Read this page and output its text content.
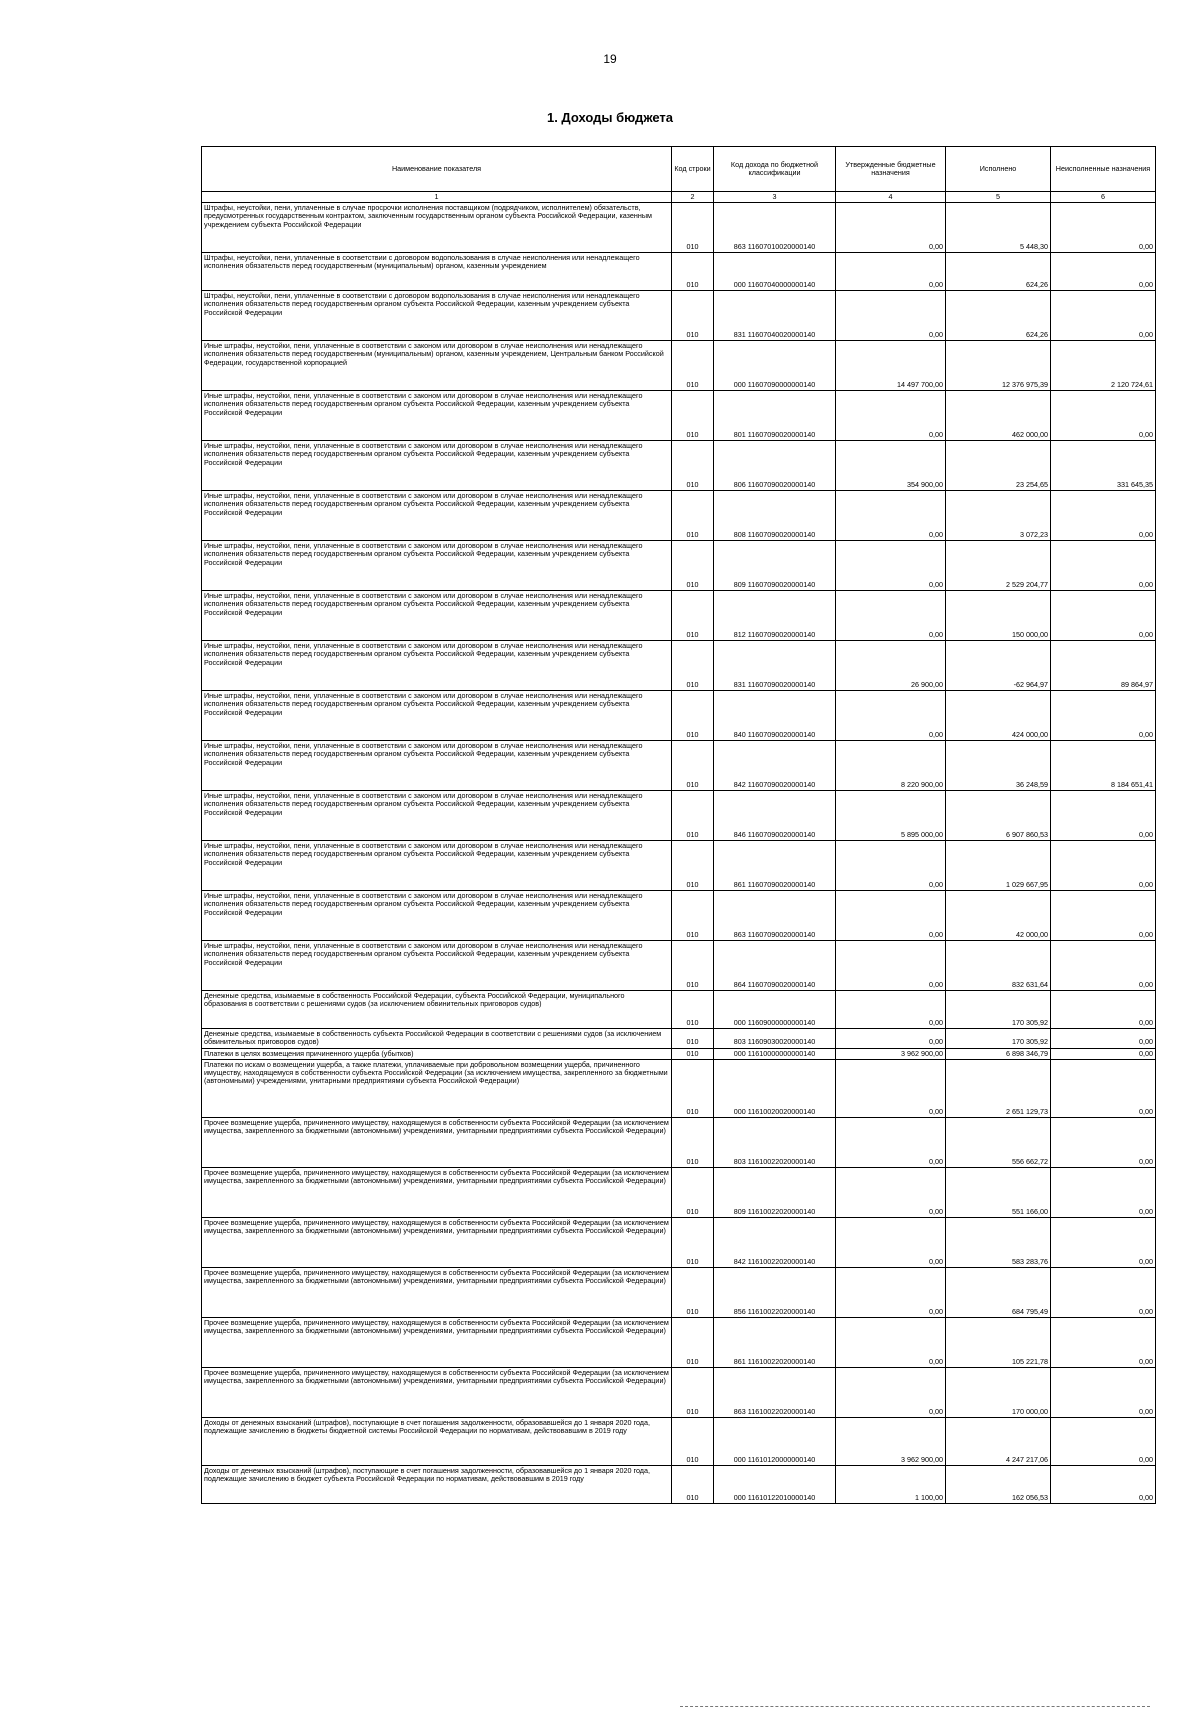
19
1. Доходы бюджета
Наименование показателя	Код строки	Код дохода по бюджетной классификации	Утвержденные бюджетные назначения	Исполнено	Неисполненные назначения
1	2	3	4	5	6
Штрафы, неустойки, пени, уплаченные в случае просрочки исполнения поставщиком (подрядчиком, исполнителем) обязательств, предусмотренных государственным контрактом, заключенным государственным органом субъекта Российской Федерации, казенным учреждением субъекта Российской Федерации	010	863 11607010020000140	0,00	5 448,30	0,00
Штрафы, неустойки, пени, уплаченные в соответствии с договором водопользования в случае неисполнения или ненадлежащего исполнения обязательств перед государственным (муниципальным) органом, казенным учреждением	010	000 11607040000000140	0,00	624,26	0,00
Штрафы, неустойки, пени, уплаченные в соответствии с договором водопользования в случае неисполнения или ненадлежащего исполнения обязательств перед государственным органом субъекта Российской Федерации, казенным учреждением субъекта Российской Федерации	010	831 11607040020000140	0,00	624,26	0,00
Иные штрафы, неустойки, пени, уплаченные в соответствии с законом или договором в случае неисполнения или ненадлежащего исполнения обязательств перед государственным (муниципальным) органом, казенным учреждением, Центральным банком Российской Федерации, государственной корпорацией	010	000 11607090000000140	14 497 700,00	12 376 975,39	2 120 724,61
Иные штрафы, неустойки, пени, уплаченные в соответствии с законом или договором в случае неисполнения или ненадлежащего исполнения обязательств перед государственным органом субъекта Российской Федерации, казенным учреждением субъекта Российской Федерации	010	801 11607090020000140	0,00	462 000,00	0,00
Иные штрафы, неустойки, пени, уплаченные в соответствии с законом или договором в случае неисполнения или ненадлежащего исполнения обязательств перед государственным органом субъекта Российской Федерации, казенным учреждением субъекта Российской Федерации	010	806 11607090020000140	354 900,00	23 254,65	331 645,35
Иные штрафы, неустойки, пени, уплаченные в соответствии с законом или договором в случае неисполнения или ненадлежащего исполнения обязательств перед государственным органом субъекта Российской Федерации, казенным учреждением субъекта Российской Федерации	010	808 11607090020000140	0,00	3 072,23	0,00
Иные штрафы, неустойки, пени, уплаченные в соответствии с законом или договором в случае неисполнения или ненадлежащего исполнения обязательств перед государственным органом субъекта Российской Федерации, казенным учреждением субъекта Российской Федерации	010	809 11607090020000140	0,00	2 529 204,77	0,00
Иные штрафы, неустойки, пени, уплаченные в соответствии с законом или договором в случае неисполнения или ненадлежащего исполнения обязательств перед государственным органом субъекта Российской Федерации, казенным учреждением субъекта Российской Федерации	010	812 11607090020000140	0,00	150 000,00	0,00
Иные штрафы, неустойки, пени, уплаченные в соответствии с законом или договором в случае неисполнения или ненадлежащего исполнения обязательств перед государственным органом субъекта Российской Федерации, казенным учреждением субъекта Российской Федерации	010	831 11607090020000140	26 900,00	-62 964,97	89 864,97
Иные штрафы, неустойки, пени, уплаченные в соответствии с законом или договором в случае неисполнения или ненадлежащего исполнения обязательств перед государственным органом субъекта Российской Федерации, казенным учреждением субъекта Российской Федерации	010	840 11607090020000140	0,00	424 000,00	0,00
Иные штрафы, неустойки, пени, уплаченные в соответствии с законом или договором в случае неисполнения или ненадлежащего исполнения обязательств перед государственным органом субъекта Российской Федерации, казенным учреждением субъекта Российской Федерации	010	842 11607090020000140	8 220 900,00	36 248,59	8 184 651,41
Иные штрафы, неустойки, пени, уплаченные в соответствии с законом или договором в случае неисполнения или ненадлежащего исполнения обязательств перед государственным органом субъекта Российской Федерации, казенным учреждением субъекта Российской Федерации	010	846 11607090020000140	5 895 000,00	6 907 860,53	0,00
Иные штрафы, неустойки, пени, уплаченные в соответствии с законом или договором в случае неисполнения или ненадлежащего исполнения обязательств перед государственным органом субъекта Российской Федерации, казенным учреждением субъекта Российской Федерации	010	861 11607090020000140	0,00	1 029 667,95	0,00
Иные штрафы, неустойки, пени, уплаченные в соответствии с законом или договором в случае неисполнения или ненадлежащего исполнения обязательств перед государственным органом субъекта Российской Федерации, казенным учреждением субъекта Российской Федерации	010	863 11607090020000140	0,00	42 000,00	0,00
Иные штрафы, неустойки, пени, уплаченные в соответствии с законом или договором в случае неисполнения или ненадлежащего исполнения обязательств перед государственным органом субъекта Российской Федерации, казенным учреждением субъекта Российской Федерации	010	864 11607090020000140	0,00	832 631,64	0,00
Денежные средства, изымаемые в собственность Российской Федерации, субъекта Российской Федерации, муниципального образования в соответствии с решениями судов (за исключением обвинительных приговоров судов)	010	000 11609000000000140	0,00	170 305,92	0,00
Денежные средства, изымаемые в собственность субъекта Российской Федерации в соответствии с решениями судов (за исключением обвинительных приговоров судов)	010	803 11609030020000140	0,00	170 305,92	0,00
Платежи в целях возмещения причиненного ущерба (убытков)	010	000 11610000000000140	3 962 900,00	6 898 346,79	0,00
Платежи по искам о возмещении ущерба, а также платежи, уплачиваемые при добровольном возмещении ущерба, причиненного имуществу, находящемуся в собственности субъекта Российской Федерации (за исключением имущества, закрепленного за бюджетными (автономными) учреждениями, унитарными предприятиями субъекта Российской Федерации)	010	000 11610020020000140	0,00	2 651 129,73	0,00
Прочее возмещение ущерба, причиненного имуществу, находящемуся в собственности субъекта Российской Федерации (за исключением имущества, закрепленного за бюджетными (автономными) учреждениями, унитарными предприятиями субъекта Российской Федерации)	010	803 11610022020000140	0,00	556 662,72	0,00
Прочее возмещение ущерба, причиненного имуществу, находящемуся в собственности субъекта Российской Федерации (за исключением имущества, закрепленного за бюджетными (автономными) учреждениями, унитарными предприятиями субъекта Российской Федерации)	010	809 11610022020000140	0,00	551 166,00	0,00
Прочее возмещение ущерба, причиненного имуществу, находящемуся в собственности субъекта Российской Федерации (за исключением имущества, закрепленного за бюджетными (автономными) учреждениями, унитарными предприятиями субъекта Российской Федерации)	010	842 11610022020000140	0,00	583 283,76	0,00
Прочее возмещение ущерба, причиненного имуществу, находящемуся в собственности субъекта Российской Федерации (за исключением имущества, закрепленного за бюджетными (автономными) учреждениями, унитарными предприятиями субъекта Российской Федерации)	010	856 11610022020000140	0,00	684 795,49	0,00
Прочее возмещение ущерба, причиненного имуществу, находящемуся в собственности субъекта Российской Федерации (за исключением имущества, закрепленного за бюджетными (автономными) учреждениями, унитарными предприятиями субъекта Российской Федерации)	010	861 11610022020000140	0,00	105 221,78	0,00
Прочее возмещение ущерба, причиненного имуществу, находящемуся в собственности субъекта Российской Федерации (за исключением имущества, закрепленного за бюджетными (автономными) учреждениями, унитарными предприятиями субъекта Российской Федерации)	010	863 11610022020000140	0,00	170 000,00	0,00
Доходы от денежных взысканий (штрафов), поступающие в счет погашения задолженности, образовавшейся до 1 января 2020 года, подлежащие зачислению в бюджеты бюджетной системы Российской Федерации по нормативам, действовавшим в 2019 году	010	000 11610120000000140	3 962 900,00	4 247 217,06	0,00
Доходы от денежных взысканий (штрафов), поступающие в счет погашения задолженности, образовавшейся до 1 января 2020 года, подлежащие зачислению в бюджет субъекта Российской Федерации по нормативам, действовавшим в 2019 году	010	000 11610122010000140	1 100,00	162 056,53	0,00
